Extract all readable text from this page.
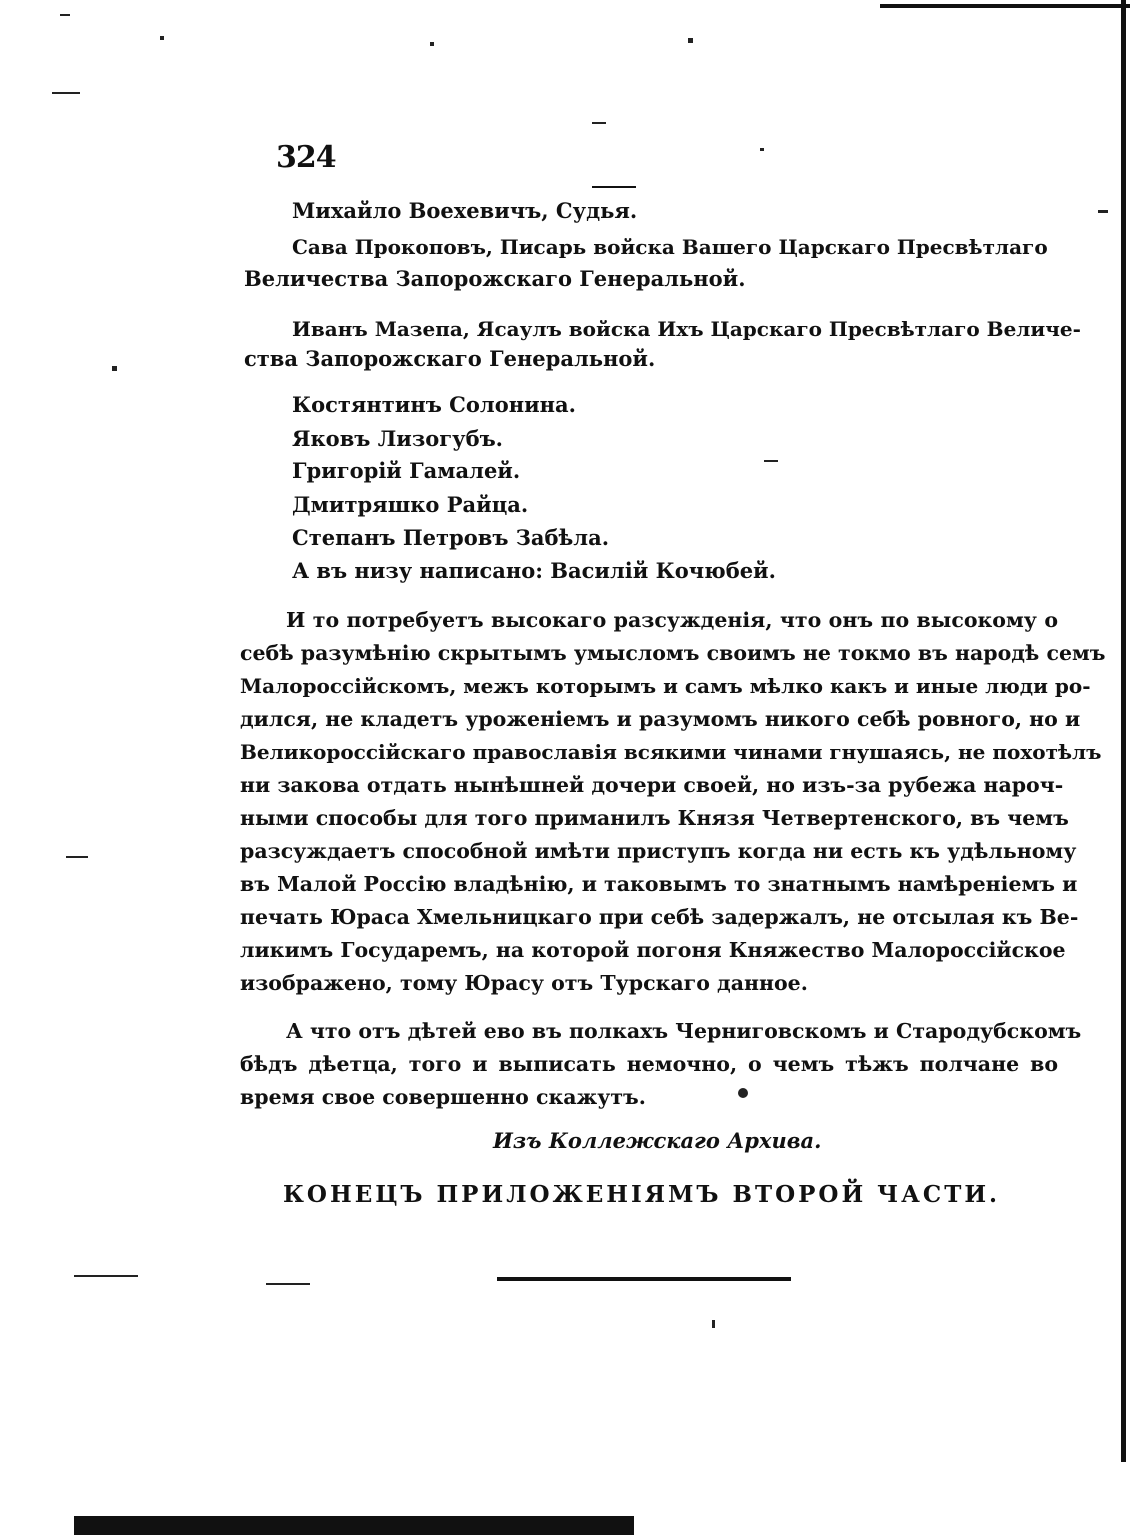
324
Михайло Воехевичъ, Судья.
Сава Прокоповъ, Писарь войска Вашего Царскаго Пресвѣтлаго
Величества Запорожскаго Генеральной.
Иванъ Мазепа, Ясаулъ войска Ихъ Царскаго Пресвѣтлаго Величе-
ства Запорожскаго Генеральной.
Костянтинъ Солонина.
Яковъ Лизогубъ.
Григорій Гамалей.
Дмитряшко Райца.
Степанъ Петровъ Забѣла.
А въ низу написано: Василій Кочюбей.
И то потребуетъ высокаго разсужденія, что онъ по высокому о
себѣ разумѣнію скрытымъ умысломъ своимъ не токмо въ народѣ семъ
Малороссійскомъ, межъ которымъ и самъ мѣлко какъ и иные люди ро-
дился, не кладетъ уроженіемъ и разумомъ никого себѣ ровного, но и
Великороссійскаго православія всякими чинами гнушаясь, не похотѣлъ
ни закова отдать нынѣшней дочери своей, но изъ-за рубежа нароч-
ными способы для того приманилъ Князя Четвертенского, въ чемъ
разсуждаетъ способной имѣти приступъ когда ни есть къ удѣльному
въ Малой Россію владѣнію, и таковымъ то знатнымъ намѣреніемъ и
печать Юраса Хмельницкаго при себѣ задержалъ, не отсылая къ Ве-
ликимъ Государемъ, на которой погоня Княжество Малороссійское
изображено, тому Юрасу отъ Турскаго данное.
А что отъ дѣтей ево въ полкахъ Черниговскомъ и Стародубскомъ
бѣдъ дѣетца, того и выписать немочно, о чемъ тѣжъ полчане во
время свое совершенно скажутъ.
Изъ Коллежскаго Архива.
КОНЕЦЪ ПРИЛОЖЕНІЯМЪ ВТОРОЙ ЧАСТИ.
